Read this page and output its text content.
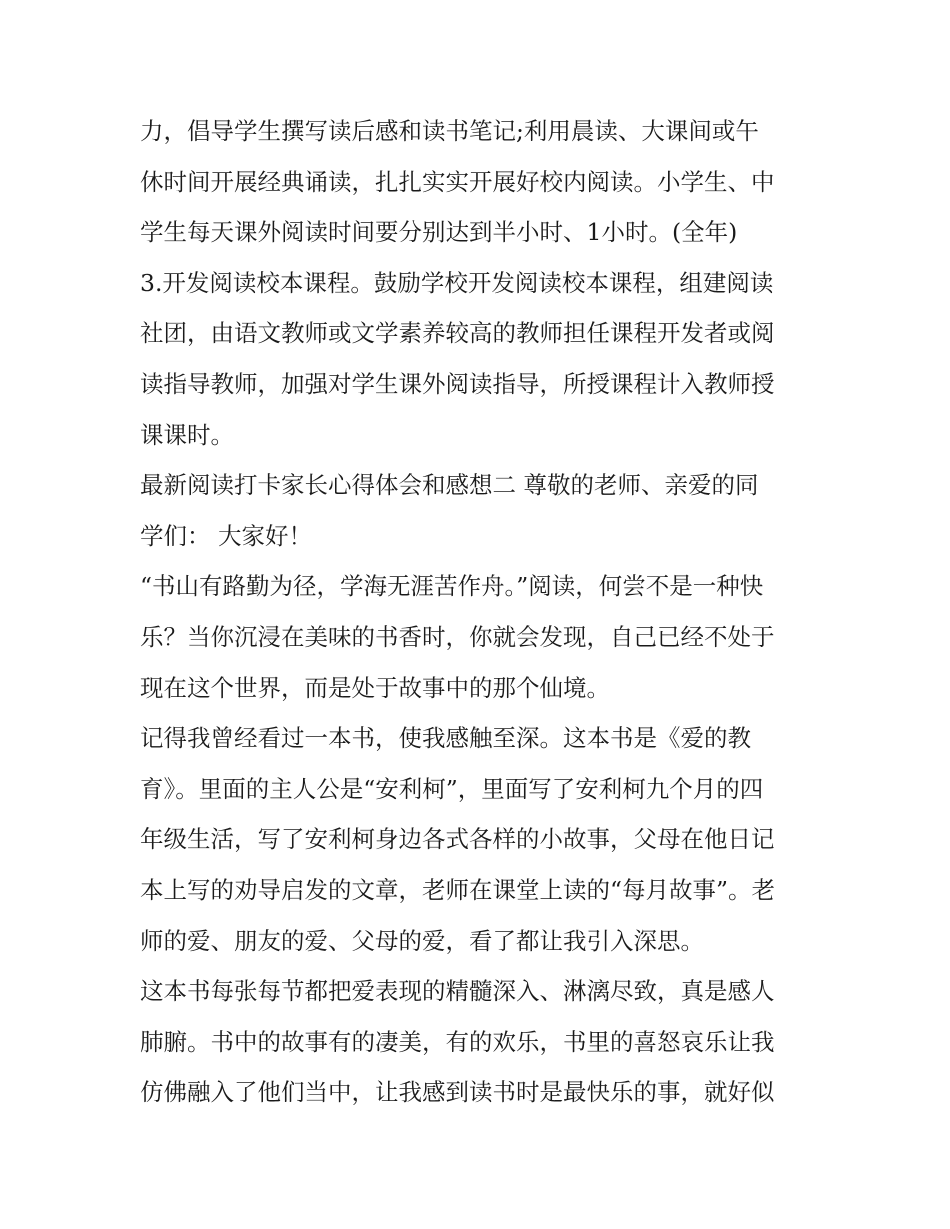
力，倡导学生撰写读后感和读书笔记;利用晨读、大课间或午
休时间开展经典诵读，扎扎实实开展好校内阅读。小学生、中
学生每天课外阅读时间要分别达到半小时、1小时。(全年)
3.开发阅读校本课程。鼓励学校开发阅读校本课程，组建阅读
社团，由语文教师或文学素养较高的教师担任课程开发者或阅
读指导教师，加强对学生课外阅读指导，所授课程计入教师授
课课时。
最新阅读打卡家长心得体会和感想二 尊敬的老师、亲爱的同
学们： 大家好！
“书山有路勤为径，学海无涯苦作舟。”阅读，何尝不是一种快
乐？当你沉浸在美味的书香时，你就会发现，自己已经不处于
现在这个世界，而是处于故事中的那个仙境。
记得我曾经看过一本书，使我感触至深。这本书是《爱的教
育》。里面的主人公是“安利柯”，里面写了安利柯九个月的四
年级生活，写了安利柯身边各式各样的小故事，父母在他日记
本上写的劝导启发的文章，老师在课堂上读的“每月故事”。老
师的爱、朋友的爱、父母的爱，看了都让我引入深思。
这本书每张每节都把爱表现的精髓深入、淋漓尽致，真是感人
肺腑。书中的故事有的凄美，有的欢乐，书里的喜怒哀乐让我
仿佛融入了他们当中，让我感到读书时是最快乐的事，就好似
